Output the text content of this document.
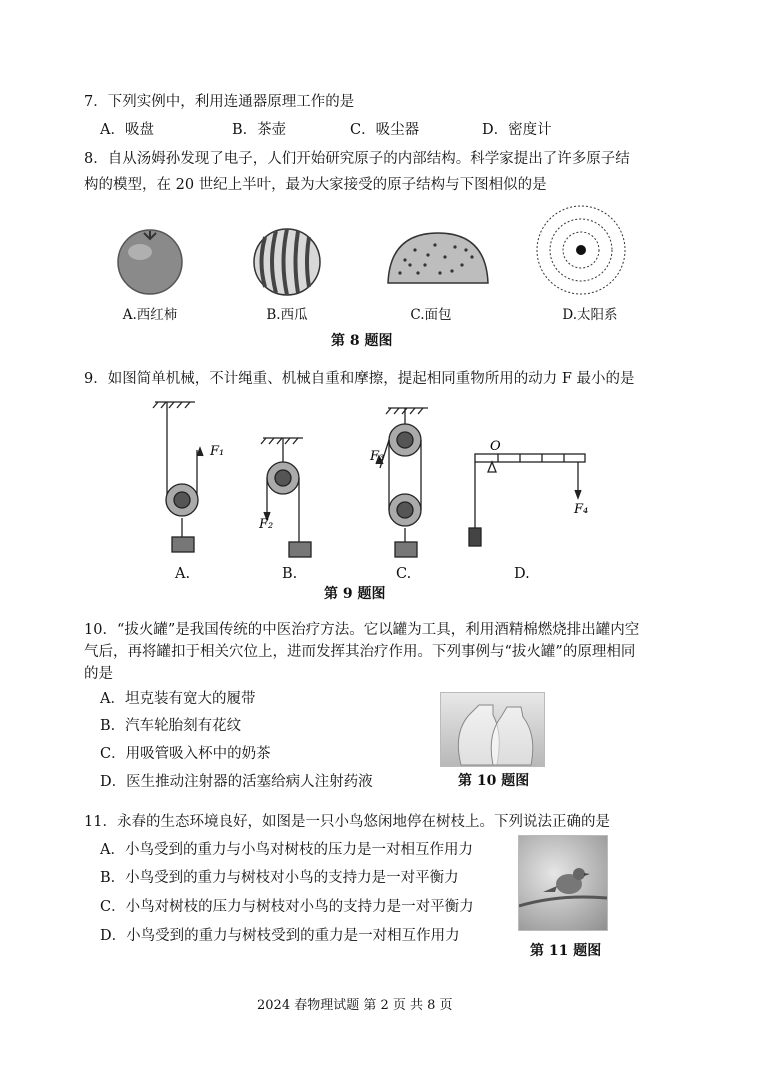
7．下列实例中，利用连通器原理工作的是
A．吸盘	B．茶壶	C．吸尘器	D．密度计
8．自从汤姆孙发现了电子，人们开始研究原子的内部结构。科学家提出了许多原子结
构的模型，在 20 世纪上半叶，最为大家接受的原子结构与下图相似的是
A.西红柿	B.西瓜	C.面包	D.太阳系
第 8 题图
9．如图简单机械，不计绳重、机械自重和摩擦，提起相同重物所用的动力 F 最小的是
F₁
F₂
F₃
F₄
O
A.	B.	C.	D.
第 9 题图
10．“拔火罐”是我国传统的中医治疗方法。它以罐为工具，利用酒精棉燃烧排出罐内空
气后，再将罐扣于相关穴位上，进而发挥其治疗作用。下列事例与“拔火罐”的原理相同
的是
A．坦克装有宽大的履带
B．汽车轮胎刻有花纹
C．用吸管吸入杯中的奶茶
D．医生推动注射器的活塞给病人注射药液	第 10 题图
11．永春的生态环境良好，如图是一只小鸟悠闲地停在树枝上。下列说法正确的是
A．小鸟受到的重力与小鸟对树枝的压力是一对相互作用力
B．小鸟受到的重力与树枝对小鸟的支持力是一对平衡力
C．小鸟对树枝的压力与树枝对小鸟的支持力是一对平衡力
D．小鸟受到的重力与树枝受到的重力是一对相互作用力
第 11 题图
2024 春物理试题 第 2 页 共 8 页
